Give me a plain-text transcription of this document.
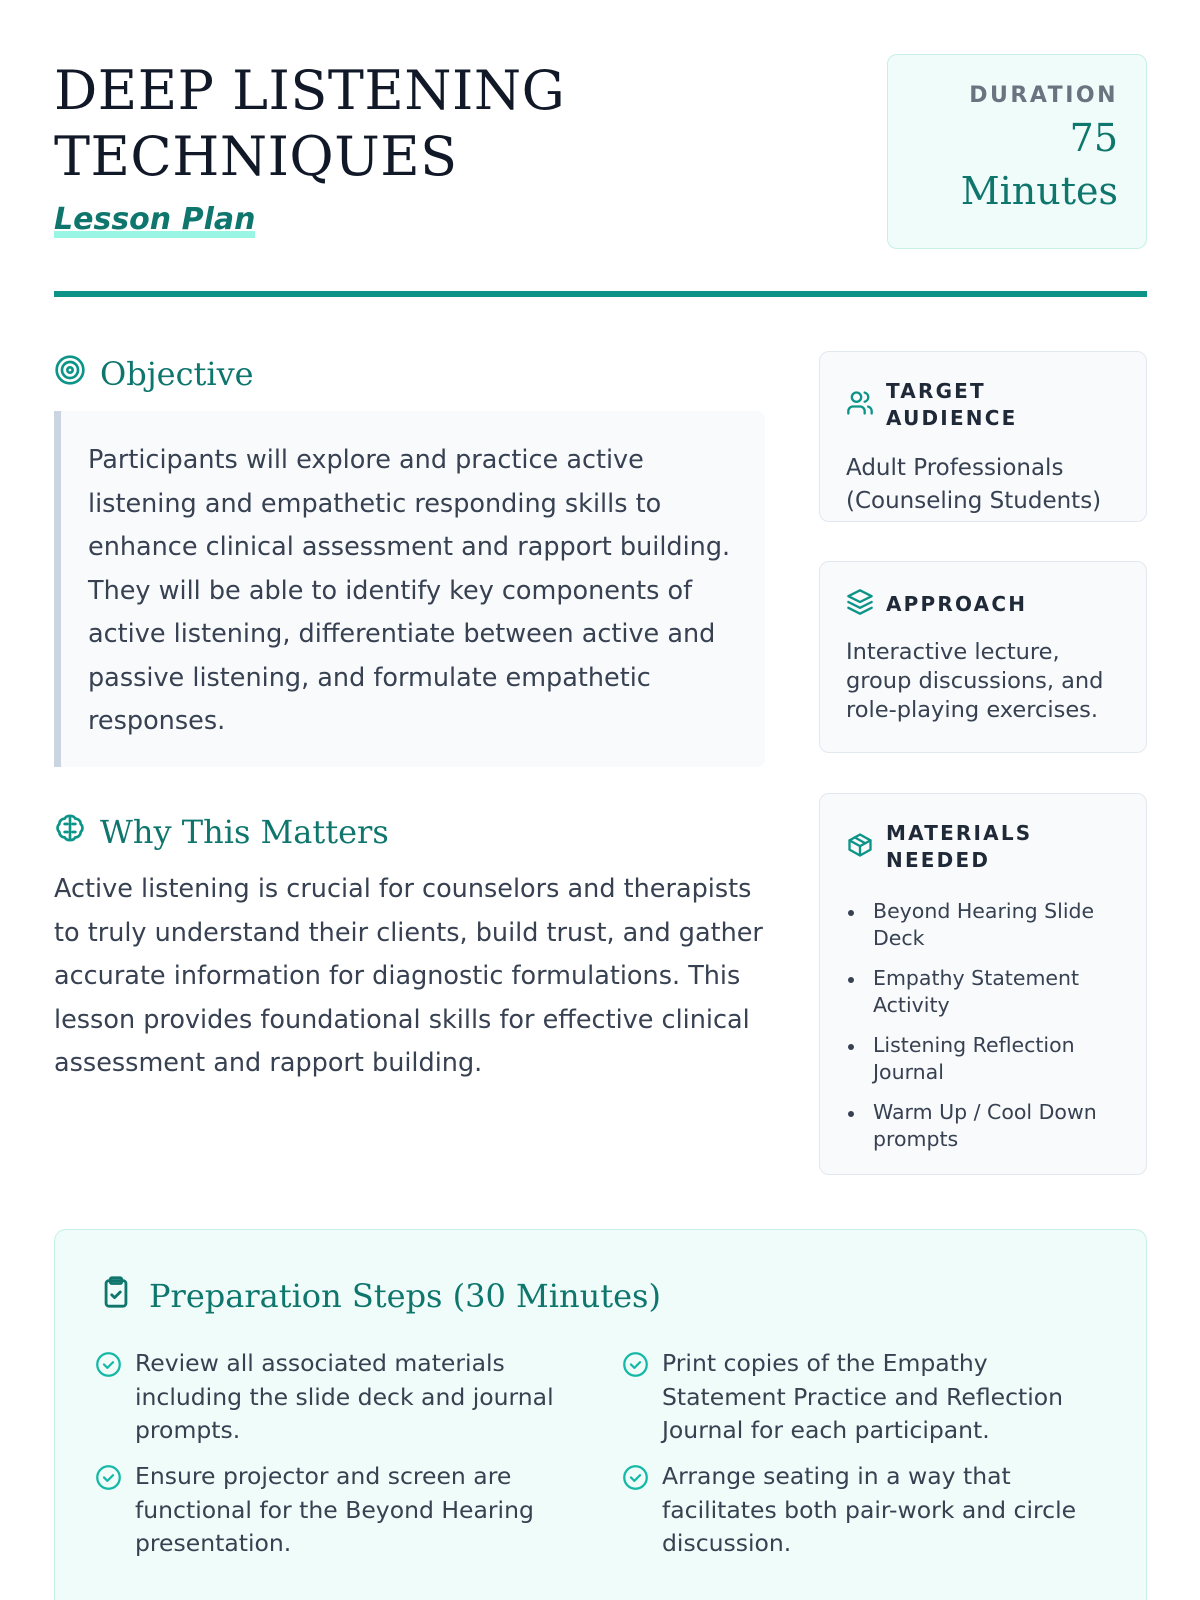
DEEP LISTENING TECHNIQUES
Lesson Plan
DURATION
75 Minutes
Objective

Participants will explore and practice active listening and empathetic responding skills to enhance clinical assessment and rapport building. They will be able to identify key components of active listening, differentiate between active and passive listening, and formulate empathetic responses.

Why This Matters

Active listening is crucial for counselors and therapists to truly understand their clients, build trust, and gather accurate information for diagnostic formulations. This lesson provides foundational skills for effective clinical assessment and rapport building.

TARGET AUDIENCE
Adult Professionals (Counseling Students)
APPROACH
Interactive lecture, group discussions, and role-playing exercises.
MATERIALS NEEDED
Beyond Hearing Slide Deck
Empathy Statement Activity
Listening Reflection Journal
Warm Up / Cool Down prompts
Preparation Steps (30 Minutes)
Review all associated materials including the slide deck and journal prompts.
Print copies of the Empathy Statement Practice and Reflection Journal for each participant.
Ensure projector and screen are functional for the Beyond Hearing presentation.
Arrange seating in a way that facilitates both pair-work and circle discussion.
